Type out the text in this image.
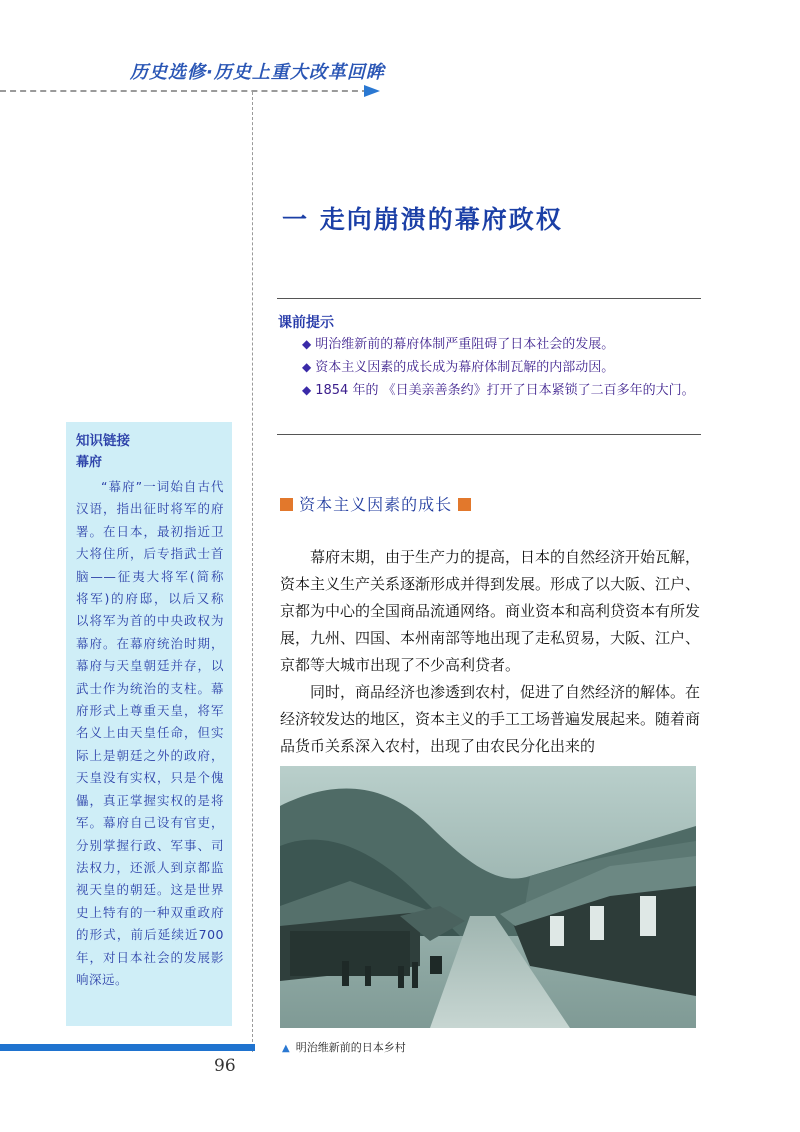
历史选修·历史上重大改革回眸
一 走向崩溃的幕府政权
课前提示
◆ 明治维新前的幕府体制严重阻碍了日本社会的发展。
◆ 资本主义因素的成长成为幕府体制瓦解的内部动因。
◆ 1854 年的 《日美亲善条约》打开了日本紧锁了二百多年的大门。
知识链接
幕府
“幕府”一词始自古代汉语，指出征时将军的府署。在日本，最初指近卫大将住所，后专指武士首脑——征夷大将军(简称将军)的府邸，以后又称以将军为首的中央政权为幕府。在幕府统治时期，幕府与天皇朝廷并存，以武士作为统治的支柱。幕府形式上尊重天皇，将军名义上由天皇任命，但实际上是朝廷之外的政府，天皇没有实权，只是个傀儡，真正掌握实权的是将军。幕府自己设有官吏，分别掌握行政、军事、司法权力，还派人到京都监视天皇的朝廷。这是世界史上特有的一种双重政府的形式，前后延续近700年，对日本社会的发展影响深远。
资本主义因素的成长

幕府末期，由于生产力的提高，日本的自然经济开始瓦解，资本主义生产关系逐渐形成并得到发展。形成了以大阪、江户、京都为中心的全国商品流通网络。商业资本和高利贷资本有所发展，九州、四国、本州南部等地出现了走私贸易，大阪、江户、京都等大城市出现了不少高利贷者。

同时，商品经济也渗透到农村，促进了自然经济的解体。在经济较发达的地区，资本主义的手工工场普遍发展起来。随着商品货币关系深入农村，出现了由农民分化出来的

▲ 明治维新前的日本乡村
96
